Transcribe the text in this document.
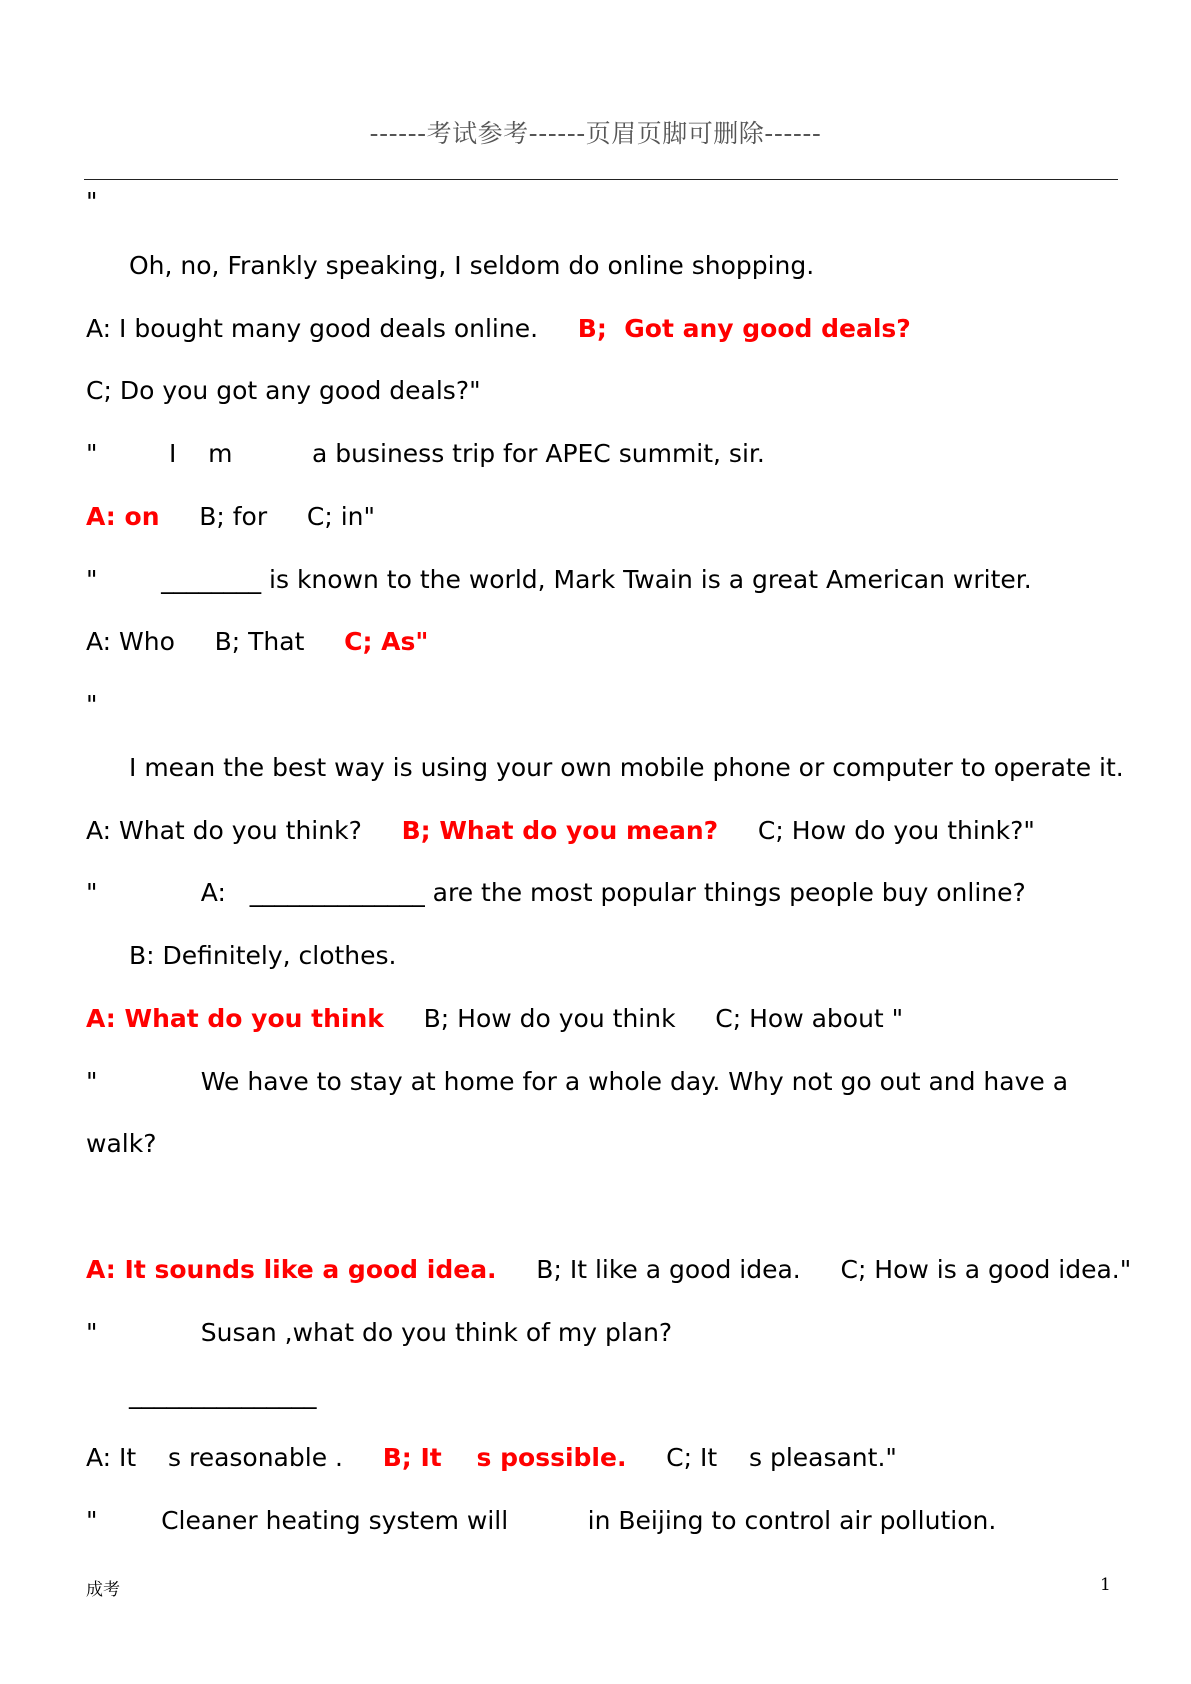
------考试参考------页眉页脚可删除------
"
Oh, no, Frankly speaking, I seldom do online shopping.
A: I bought many good deals online.     B;  Got any good deals?
C; Do you got any good deals?"
"         I    m          a business trip for APEC summit, sir.
A: on     B; for     C; in"
"        ________ is known to the world, Mark Twain is a great American writer.
A: Who     B; That     C; As"
"
I mean the best way is using your own mobile phone or computer to operate it.
A: What do you think?     B; What do you mean?     C; How do you think?"
"             A:   ______________ are the most popular things people buy online?
B: Definitely, clothes.
A: What do you think     B; How do you think     C; How about "
"             We have to stay at home for a whole day. Why not go out and have a
walk?
A: It sounds like a good idea.     B; It like a good idea.     C; How is a good idea."
"             Susan ,what do you think of my plan?
_______________
A: It    s reasonable .     B; It    s possible.     C; It    s pleasant."
"        Cleaner heating system will          in Beijing to control air pollution.
成考	1
